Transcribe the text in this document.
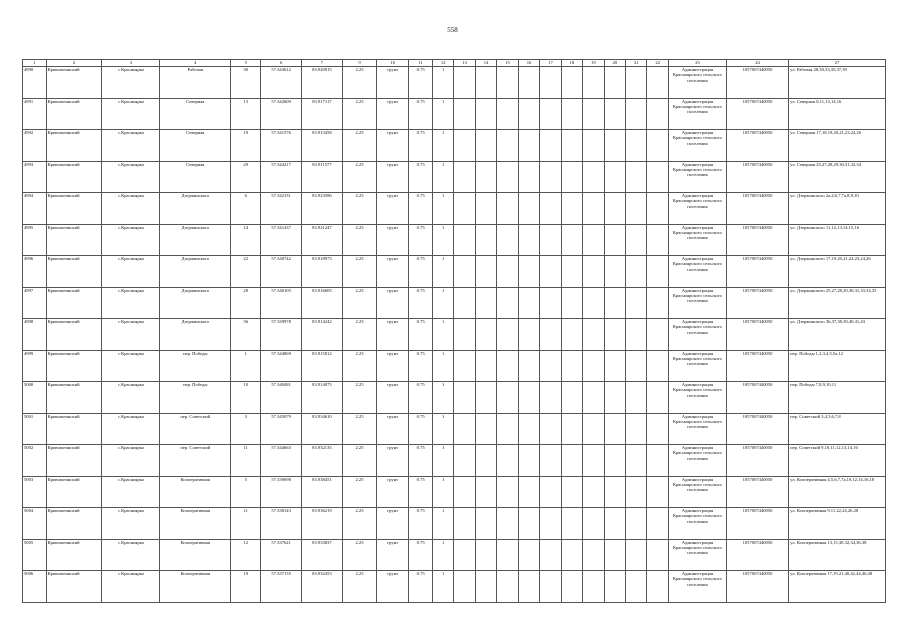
558
1	2	3	4	5	6	7	9	10	11	12	13	14	15	16	17	18	19	20	21	22	23	24	27
4990	Кривошеинский	с.Красноярка	Рабочая	30	57.343612	83.920915	2.25	грунт	0.75	1											Администрация Красноярского сельского поселения	1057007440050	ул. Рабочая 28,30,33,35,37,39
4991	Кривошеинский	с.Красноярка	Северная	13	57.342609	83.917117	2.25	грунт	0.75	1											Администрация Красноярского сельского поселения	1057007440050	ул. Северная 8,11,13,14,16
4992	Кривошеинский	с.Красноярка	Северная	19	57.341576	83.913458	2.25	грунт	0.75	1											Администрация Красноярского сельского поселения	1057007440050	ул. Северная 17,18,19,20,21,23,24,26
4993	Кривошеинский	с.Красноярка	Северная	29	57.344217	83.911577	2.25	грунт	0.75	1											Администрация Красноярского сельского поселения	1057007440050	ул. Северная 25,27,28,29,30,31,32,34
4994	Кривошеинский	с.Красноярка	Дзержинского	6	57.342131	83.923586	2.25	грунт	0.75	1											Администрация Красноярского сельского поселения	1057007440050	ул. Дзержинского 2а,4,6,7,7а,8,9,10
4995	Кривошеинский	с.Красноярка	Дзержинского	14	57.341437	83.921247	2.25	грунт	0.75	1											Администрация Красноярского сельского поселения	1057007440050	ул. Дзержинского 11,12,13,14,15,16
4996	Кривошеинский	с.Красноярка	Дзержинского	22	57.340742	83.918973	2.25	грунт	0.75	1											Администрация Красноярского сельского поселения	1057007440050	ул. Дзержинского 17,19,20,21,22,23,24,26
4997	Кривошеинский	с.Красноярка	Дзержинского	28	57.340105	83.916605	2.25	грунт	0.75	1											Администрация Красноярского сельского поселения	1057007440050	ул. Дзержинского 25,27,28,29,30,31,33,34,35
4998	Кривошеинский	с.Красноярка	Дзержинского	36	57.339978	83.914242	2.25	грунт	0.75	1											Администрация Красноярского сельского поселения	1057007440050	ул. Дзержинского 36,37,38,39,40,41,43
4999	Кривошеинский	с.Красноярка	пер. Победы	1	57.344869	83.915812	2.25	грунт	0.75	1											Администрация Красноярского сельского поселения	1057007440050	пер. Победы 1,2,3,4,5,5а,12
5000	Кривошеинский	с.Красноярка	пер. Победы	10	57.340481	83.914075	2.25	грунт	0.75	1											Администрация Красноярского сельского поселения	1057007440050	пер. Победы 7,8,9,10,11
5001	Кривошеинский	с.Красноярка	пер. Советский	3	57.345079	83.934610	2.25	грунт	0.75	1											Администрация Красноярского сельского поселения	1057007440050	пер. Советский 3,4,5,6,7,8
5002	Кривошеинский	с.Красноярка	пер. Советский	11	57.344663	83.932135	2.25	грунт	0.75	1											Администрация Красноярского сельского поселения	1057007440050	пер. Советский 9,10,11,12,13,14,16
5003	Кривошеинский	с.Красноярка	Кооперативная	5	57.339698	83.938451	2.25	грунт	0.75	1											Администрация Красноярского сельского поселения	1057007440050	ул. Кооперативная 4,5,6,7,7а,10,12,14,16,18
5004	Кривошеинский	с.Красноярка	Кооперативная	11	57.338143	83.936219	2.25	грунт	0.75	1											Администрация Красноярского сельского поселения	1057007440050	ул. Кооперативная 9,11,22,24,26,28
5005	Кривошеинский	с.Красноярка	Кооперативная	12	57.337621	83.933837	2.25	грунт	0.75	1											Администрация Красноярского сельского поселения	1057007440050	ул. Кооперативная 13,15,30,32,34,36,38
5006	Кривошеинский	с.Красноярка	Кооперативная	19	57.337135	83.932453	2.25	грунт	0.75	1											Администрация Красноярского сельского поселения	1057007440050	ул. Кооперативная 17,19,21,40,42,44,46,48
